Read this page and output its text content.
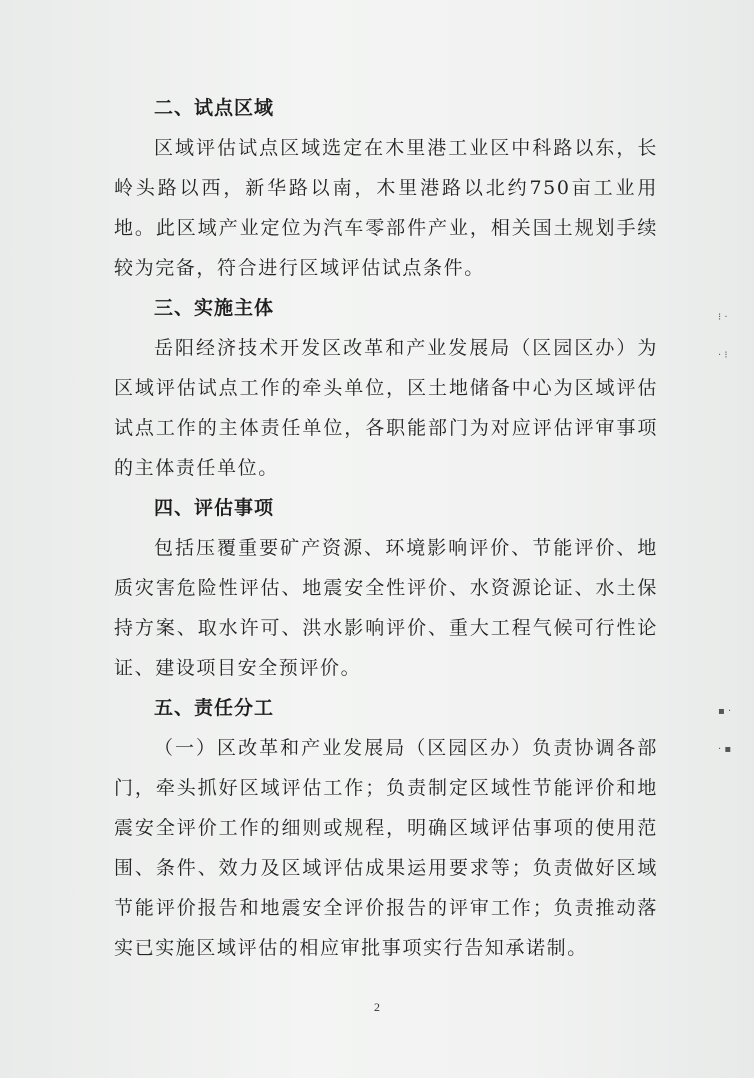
二、试点区域

区域评估试点区域选定在木里港工业区中科路以东，长岭头路以西，新华路以南，木里港路以北约750亩工业用地。此区域产业定位为汽车零部件产业，相关国土规划手续较为完备，符合进行区域评估试点条件。

三、实施主体

岳阳经济技术开发区改革和产业发展局（区园区办）为区域评估试点工作的牵头单位，区土地储备中心为区域评估试点工作的主体责任单位，各职能部门为对应评估评审事项的主体责任单位。

四、评估事项

包括压覆重要矿产资源、环境影响评价、节能评价、地质灾害危险性评估、地震安全性评价、水资源论证、水土保持方案、取水许可、洪水影响评价、重大工程气候可行性论证、建设项目安全预评价。

五、责任分工

（一）区改革和产业发展局（区园区办）负责协调各部门，牵头抓好区域评估工作；负责制定区域性节能评价和地震安全评价工作的细则或规程，明确区域评估事项的使用范围、条件、效力及区域评估成果运用要求等；负责做好区域节能评价报告和地震安全评价报告的评审工作；负责推动落实已实施区域评估的相应审批事项实行告知承诺制。

⁝ ·
· ⁝
▪ ·
· ▪
2
